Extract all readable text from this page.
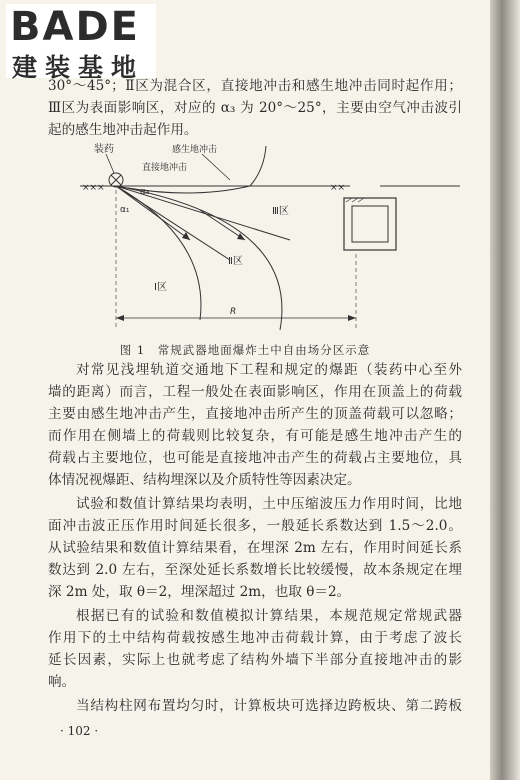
BADE
建装基地
30°～45°；Ⅱ区为混合区，直接地冲击和感生地冲击同时起作用；
Ⅲ区为表面影响区，对应的 α₃ 为 20°～25°，主要由空气冲击波引
起的感生地冲击起作用。
×××	××
装药	感生地冲击
直接地冲击
α₃
α₁	Ⅲ区
Ⅱ区
Ⅰ区
R
图 1　常规武器地面爆炸土中自由场分区示意
对常见浅埋轨道交通地下工程和规定的爆距（装药中心至外
墙的距离）而言，工程一般处在表面影响区，作用在顶盖上的荷载
主要由感生地冲击产生，直接地冲击所产生的顶盖荷载可以忽略；
而作用在侧墙上的荷载则比较复杂，有可能是感生地冲击产生的
荷载占主要地位，也可能是直接地冲击产生的荷载占主要地位，具
体情况视爆距、结构埋深以及介质特性等因素决定。
试验和数值计算结果均表明，土中压缩波压力作用时间，比地
面冲击波正压作用时间延长很多，一般延长系数达到 1.5～2.0。
从试验结果和数值计算结果看，在埋深 2m 左右，作用时间延长系
数达到 2.0 左右，至深处延长系数增长比较缓慢，故本条规定在埋
深 2m 处，取 θ＝2，埋深超过 2m，也取 θ＝2。
根据已有的试验和数值模拟计算结果，本规范规定常规武器
作用下的土中结构荷载按感生地冲击荷载计算，由于考虑了波长
延长因素，实际上也就考虑了结构外墙下半部分直接地冲击的影
响。
当结构柱网布置均匀时，计算板块可选择边跨板块、第二跨板
· 102 ·
